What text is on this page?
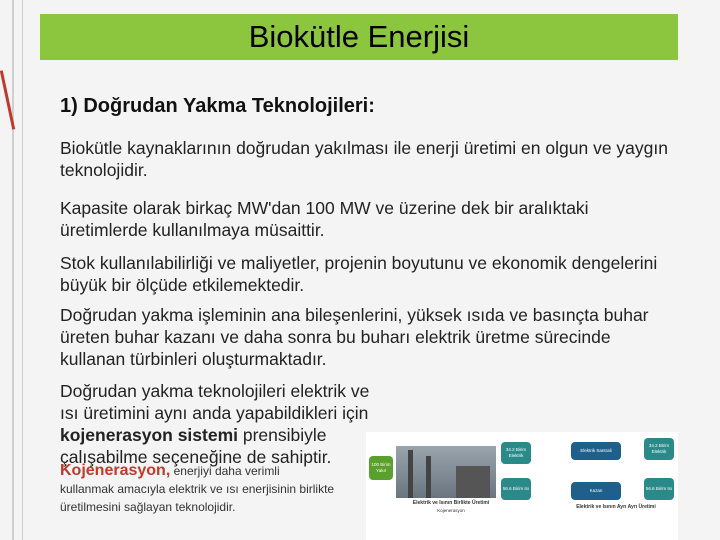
Biokütle Enerjisi
1) Doğrudan Yakma Teknolojileri:
Biokütle kaynaklarının doğrudan yakılması ile enerji üretimi en olgun ve yaygın teknolojidir.
Kapasite olarak birkaç MW'dan 100 MW ve üzerine dek bir aralıktaki üretimlerde kullanılmaya müsaittir.
Stok kullanılabilirliği ve maliyetler, projenin boyutunu ve ekonomik dengelerini büyük bir ölçüde etkilemektedir.
Doğrudan yakma işleminin ana bileşenlerini, yüksek ısıda ve basınçta buhar üreten buhar kazanı ve daha sonra bu buharı elektrik üretme sürecinde kullanan türbinleri oluşturmaktadır.
Doğrudan yakma teknolojileri elektrik ve ısı üretimini aynı anda yapabildikleri için kojenerasyon sistemi prensibiyle çalışabilme seçeneğine de sahiptir.
Kojenerasyon, enerjiyi daha verimli
kullanmak amacıyla elektrik ve ısı enerjisinin birlikte üretilmesini sağlayan teknolojidir.
100 Birim Yakıt
34.2 Birim Elektrik
56.6 Birim Isı
Elektrik Santrali
Kazan
34.2 Birim Elektrik
56.6 Birim Isı
Elektrik ve Isının Birlikte Üretimi
Kojenerasyon
Elektrik ve Isının Ayrı Ayrı Üretimi
